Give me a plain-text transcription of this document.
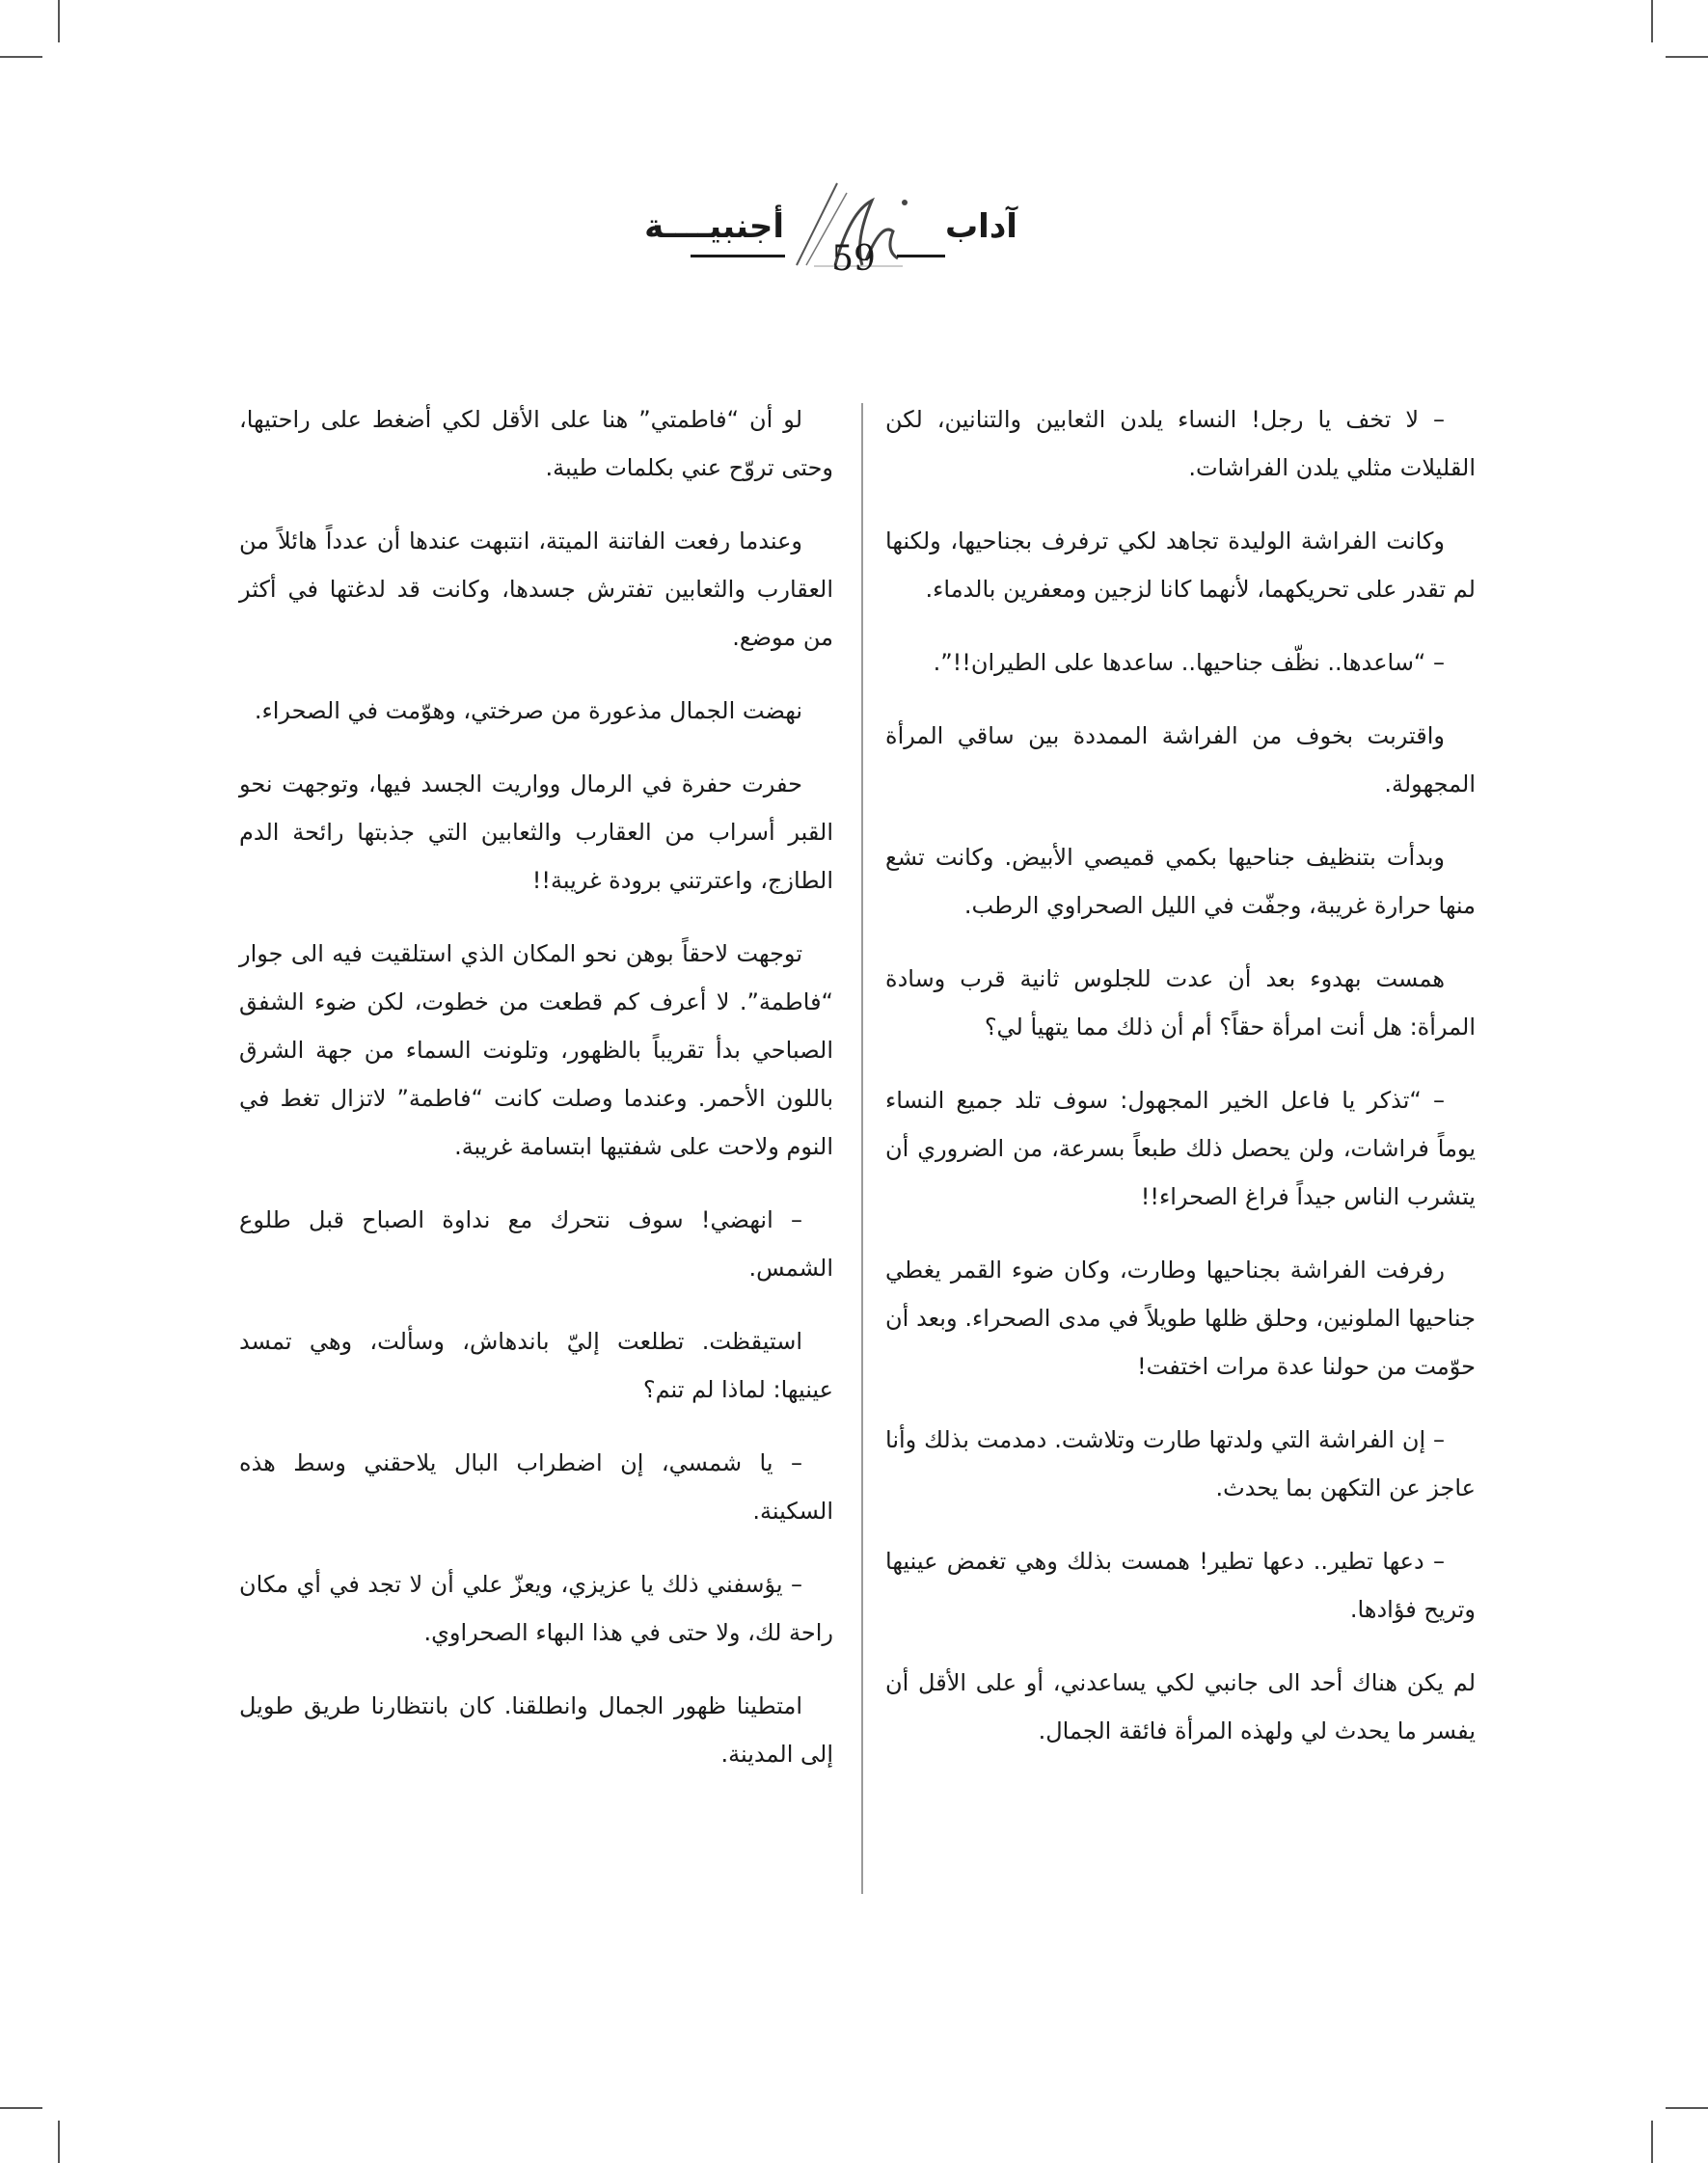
أجنبيــــة	آداب
59

– لا تخف يا رجل! النساء يلدن الثعابين والتنانين، لكن القليلات مثلي يلدن الفراشات.

وكانت الفراشة الوليدة تجاهد لكي ترفرف بجناحيها، ولكنها لم تقدر على تحريكهما، لأنهما كانا لزجين ومعفرين بالدماء.

– “ساعدها.. نظّف جناحيها.. ساعدها على الطيران!!”.

واقتربت بخوف من الفراشة الممددة بين ساقي المرأة المجهولة.

وبدأت بتنظيف جناحيها بكمي قميصي الأبيض. وكانت تشع منها حرارة غريبة، وجفّت في الليل الصحراوي الرطب.

همست بهدوء بعد أن عدت للجلوس ثانية قرب وسادة المرأة: هل أنت امرأة حقاً؟ أم أن ذلك مما يتهيأ لي؟

– “تذكر يا فاعل الخير المجهول: سوف تلد جميع النساء يوماً فراشات، ولن يحصل ذلك طبعاً بسرعة، من الضروري أن يتشرب الناس جيداً فراغ الصحراء!!

رفرفت الفراشة بجناحيها وطارت، وكان ضوء القمر يغطي جناحيها الملونين، وحلق ظلها طويلاً في مدى الصحراء. وبعد أن حوّمت من حولنا عدة مرات اختفت!

– إن الفراشة التي ولدتها طارت وتلاشت. دمدمت بذلك وأنا عاجز عن التكهن بما يحدث.

– دعها تطير.. دعها تطير! همست بذلك وهي تغمض عينيها وتريح فؤادها.

لم يكن هناك أحد الى جانبي لكي يساعدني، أو على الأقل أن يفسر ما يحدث لي ولهذه المرأة فائقة الجمال.

لو أن “فاطمتي” هنا على الأقل لكي أضغط على راحتيها، وحتى تروّح عني بكلمات طيبة.

وعندما رفعت الفاتنة الميتة، انتبهت عندها أن عدداً هائلاً من العقارب والثعابين تفترش جسدها، وكانت قد لدغتها في أكثر من موضع.

نهضت الجمال مذعورة من صرختي، وهوّمت في الصحراء.

حفرت حفرة في الرمال وواريت الجسد فيها، وتوجهت نحو القبر أسراب من العقارب والثعابين التي جذبتها رائحة الدم الطازج، واعترتني برودة غريبة!!

توجهت لاحقاً بوهن نحو المكان الذي استلقيت فيه الى جوار “فاطمة”. لا أعرف كم قطعت من خطوت، لكن ضوء الشفق الصباحي بدأ تقريباً بالظهور، وتلونت السماء من جهة الشرق باللون الأحمر. وعندما وصلت كانت “فاطمة” لاتزال تغط في النوم ولاحت على شفتيها ابتسامة غريبة.

– انهضي! سوف نتحرك مع نداوة الصباح قبل طلوع الشمس.

استيقظت. تطلعت إليّ باندهاش، وسألت، وهي تمسد عينيها: لماذا لم تنم؟

– يا شمسي، إن اضطراب البال يلاحقني وسط هذه السكينة.

– يؤسفني ذلك يا عزيزي، ويعزّ علي أن لا تجد في أي مكان راحة لك، ولا حتى في هذا البهاء الصحراوي.

امتطينا ظهور الجمال وانطلقنا. كان بانتظارنا طريق طويل إلى المدينة.
